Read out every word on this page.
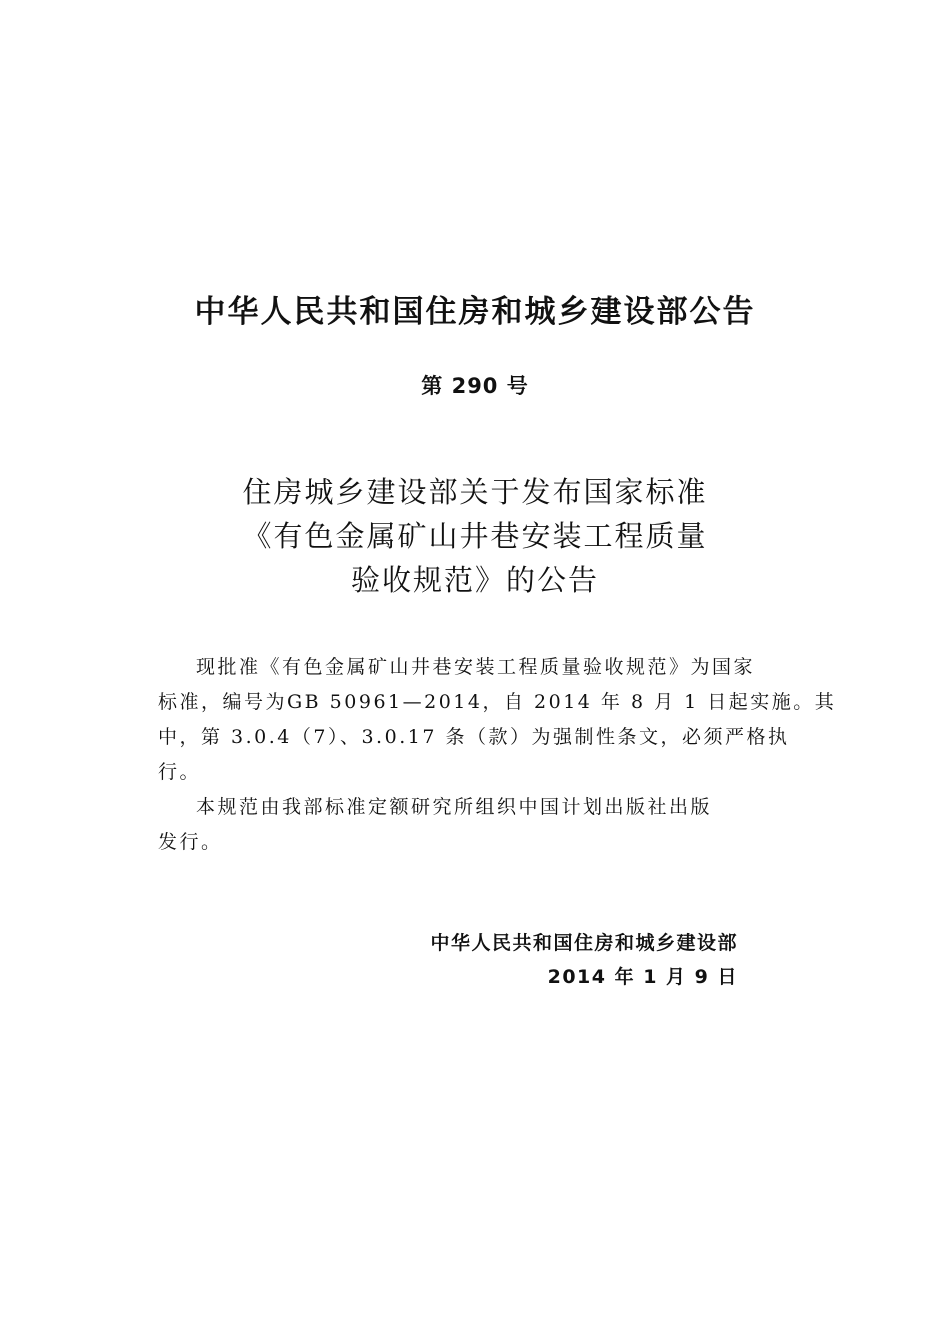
中华人民共和国住房和城乡建设部公告
第 290 号
住房城乡建设部关于发布国家标准
《有色金属矿山井巷安装工程质量
验收规范》的公告
现批准《有色金属矿山井巷安装工程质量验收规范》为国家
标准，编号为GB 50961—2014，自 2014 年 8 月 1 日起实施。其
中，第 3.0.4（7）、3.0.17 条（款）为强制性条文，必须严格执
行。
本规范由我部标准定额研究所组织中国计划出版社出版
发行。
中华人民共和国住房和城乡建设部
2014 年 1 月 9 日
